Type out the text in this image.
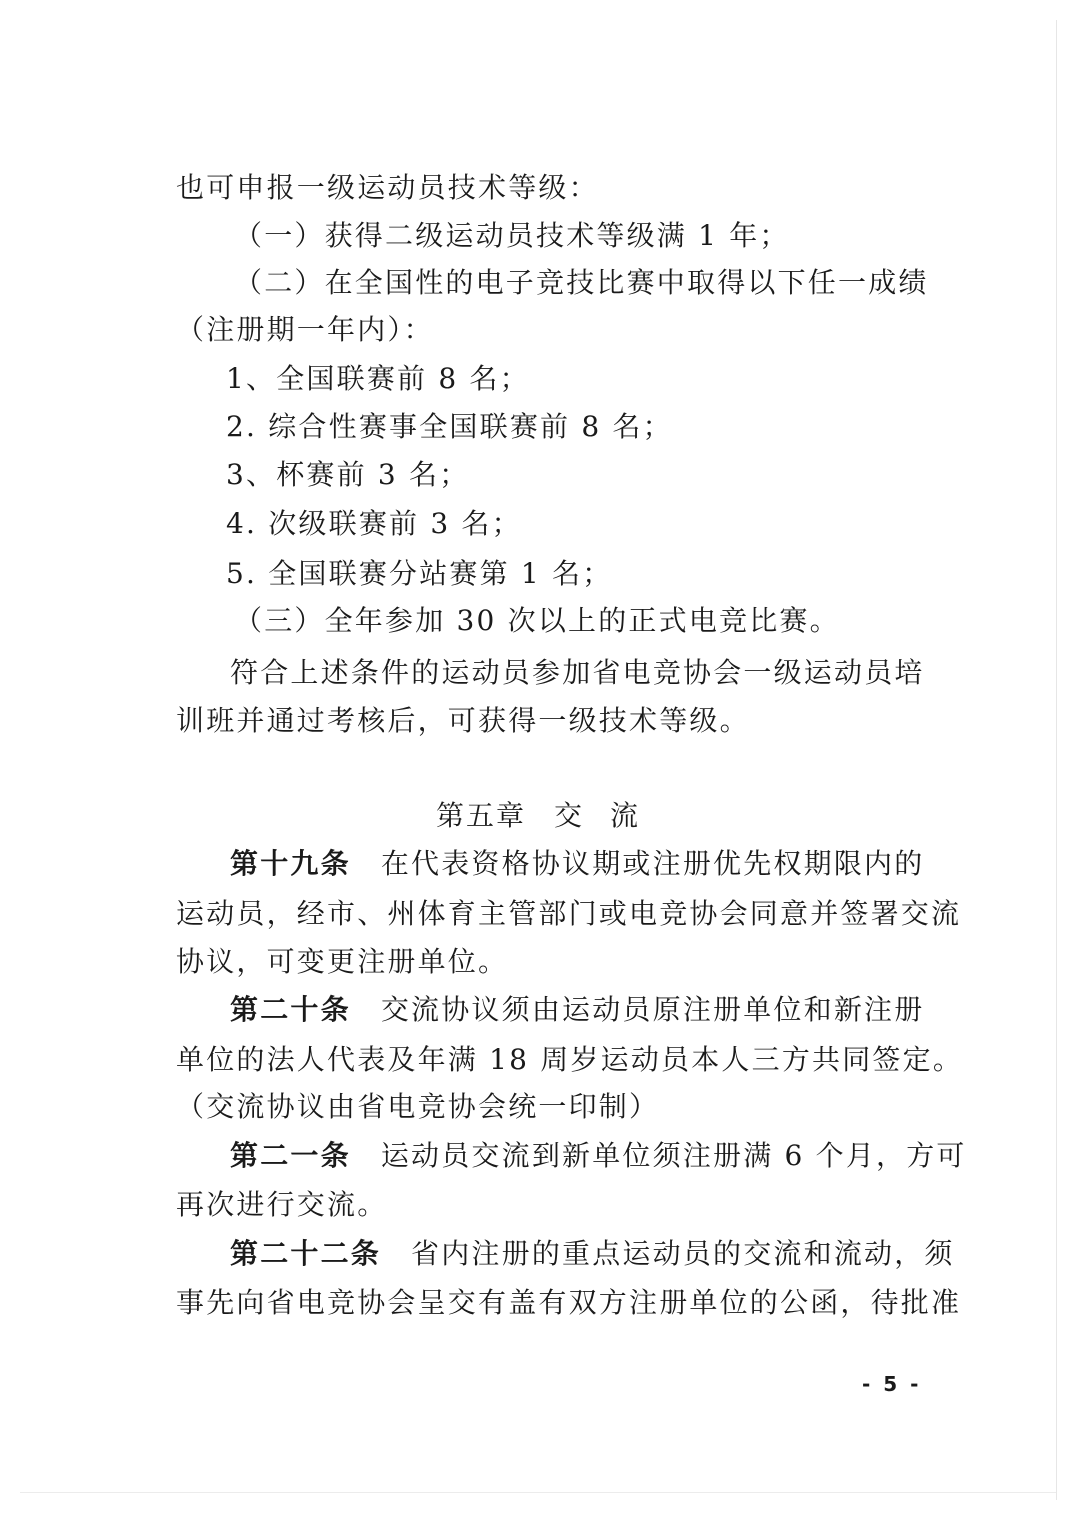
也可申报一级运动员技术等级：
（一）获得二级运动员技术等级满 1 年；
（二）在全国性的电子竞技比赛中取得以下任一成绩
（注册期一年内）：
1、全国联赛前 8 名；
2. 综合性赛事全国联赛前 8 名；
3、杯赛前 3 名；
4. 次级联赛前 3 名；
5. 全国联赛分站赛第 1 名；
（三）全年参加 30 次以上的正式电竞比赛。
符合上述条件的运动员参加省电竞协会一级运动员培
训班并通过考核后，可获得一级技术等级。
第五章 交 流
第十九条 在代表资格协议期或注册优先权期限内的
运动员，经市、州体育主管部门或电竞协会同意并签署交流
协议，可变更注册单位。
第二十条 交流协议须由运动员原注册单位和新注册
单位的法人代表及年满 18 周岁运动员本人三方共同签定。
（交流协议由省电竞协会统一印制）
第二一条 运动员交流到新单位须注册满 6 个月，方可
再次进行交流。
第二十二条 省内注册的重点运动员的交流和流动，须
事先向省电竞协会呈交有盖有双方注册单位的公函，待批准
- 5 -
